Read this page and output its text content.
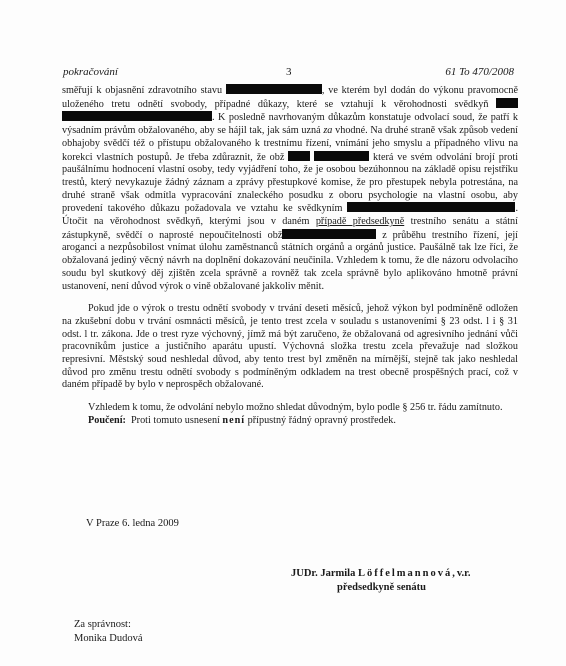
pokračování	3	61 To 470/2008

směřují k objasnění zdravotního stavu	, ve kterém byl dodán do výkonu pravomocně uloženého tretu odnětí svobody, případné důkazy, které se vztahují k věrohodnosti svědkyň  . K posledně navrhovaným důkazům konstatuje odvolací soud, že patří k výsadním právům obžalovaného, aby se hájil tak, jak sám uzná za vhodné. Na druhé straně však způsob vedení obhajoby svědčí též o přístupu obžalovaného k trestnímu řízení, vnímání jeho smyslu a případného vlivu na korekci vlastních postupů. Je třeba zdůraznit, že obž	která ve svém odvolání brojí proti paušálnímu hodnocení vlastní osoby, tedy vyjádření toho, že je osobou bezúhonnou na základě opisu rejstříku trestů, který nevykazuje žádný záznam a zprávy přestupkové komise, že pro přestupek nebyla potrestána, na druhé straně však odmítla vypracování znaleckého posudku z oboru psychologie na vlastní osobu, aby provedení takového důkazu požadovala ve vztahu ke svědkyním	. Útočit na věrohodnost svědkyň, kterými jsou v daném případě předsedkyně trestního senátu a státní zástupkyně, svědčí o naprosté nepoučitelnosti obž	z průběhu trestního řízení, její aroganci a nezpůsobilost vnímat úlohu zaměstnanců státních orgánů a orgánů justice. Paušálně tak lze říci, že obžalovaná jediný věcný návrh na doplnění dokazování neučinila. Vzhledem k tomu, že dle názoru odvolacího soudu byl skutkový děj zjištěn zcela správně a rovněž tak zcela správně bylo aplikováno hmotně právní ustanovení, není důvod výrok o vině obžalované jakkoliv měnit.

Pokud jde o výrok o trestu odnětí svobody v trvání deseti měsíců, jehož výkon byl podmíněně odložen na zkušební dobu v trvání osmnácti měsíců, je tento trest zcela v souladu s ustanoveními § 23 odst. l i § 31 odst. l tr. zákona. Jde o trest ryze výchovný, jímž má být zaručeno, že obžalovaná od agresivního jednání vůči pracovníkům justice a justičního aparátu upustí. Výchovná složka trestu zcela převažuje nad složkou represivní. Městský soud neshledal důvod, aby tento trest byl změněn na mírnější, stejně tak jako neshledal důvod pro změnu trestu odnětí svobody s podmíněným odkladem na trest obecně prospěšných prací, což v daném případě by bylo v neprospěch obžalované.

Vzhledem k tomu, že odvolání nebylo možno shledat důvodným, bylo podle § 256 tr. řádu zamítnuto.

Poučení: Proti tomuto usnesení není přípustný řádný opravný prostředek.

V Praze 6. ledna 2009
JUDr. Jarmila Löffelmannová,v.r.
předsedkyně senátu
Za správnost:
Monika Dudová
